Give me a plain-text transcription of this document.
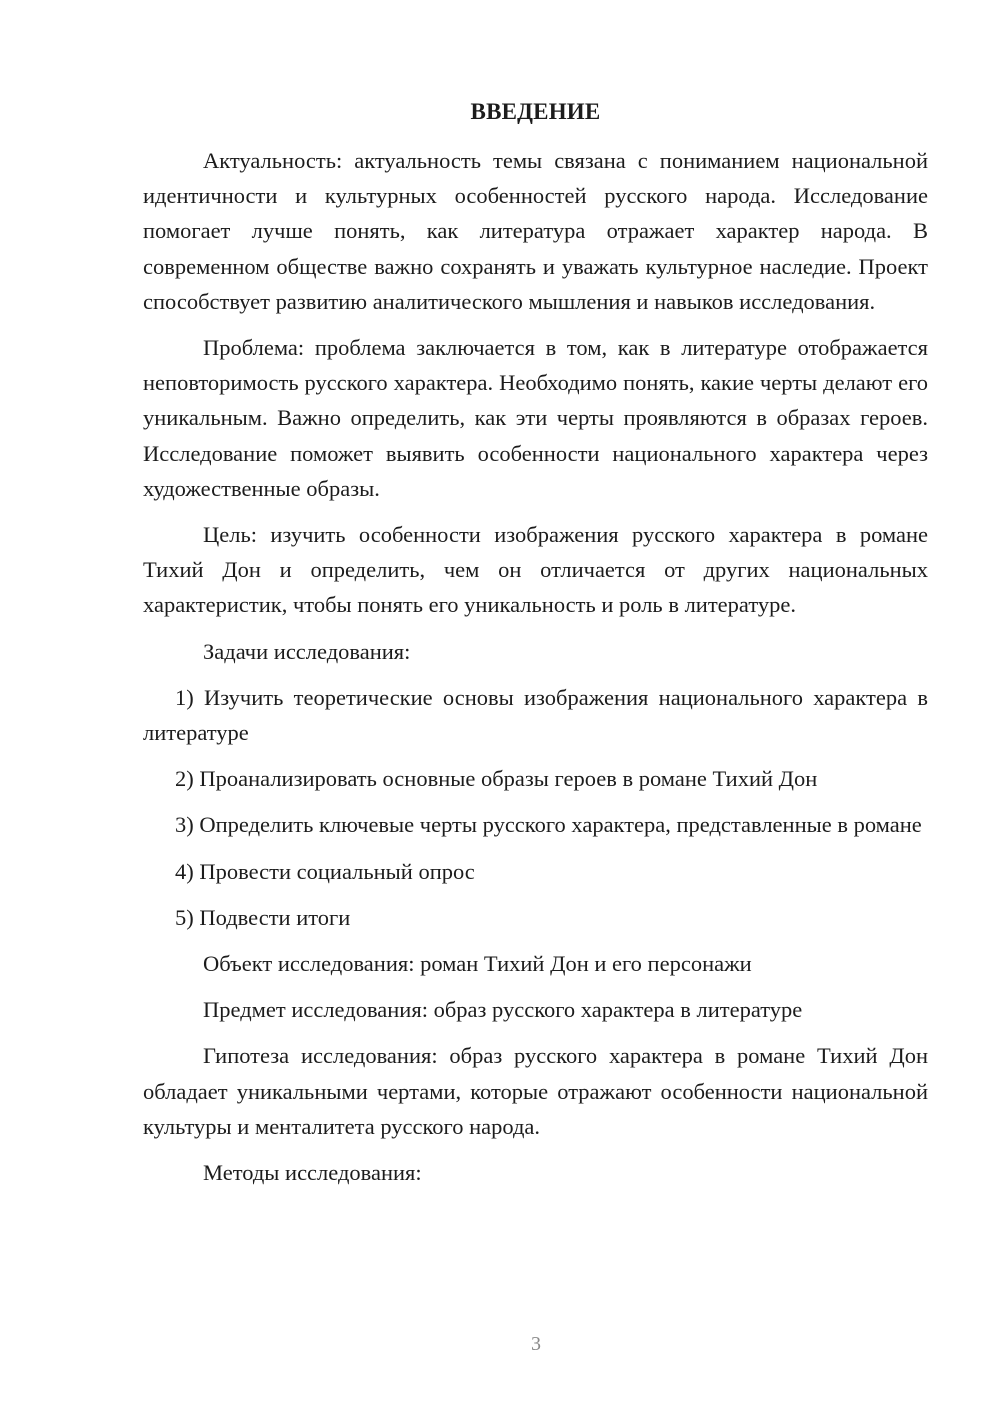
ВВЕДЕНИЕ

Актуальность: актуальность темы связана с пониманием национальной идентичности и культурных особенностей русского народа. Исследование помогает лучше понять, как литература отражает характер народа. В современном обществе важно сохранять и уважать культурное наследие. Проект способствует развитию аналитического мышления и навыков исследования.

Проблема: проблема заключается в том, как в литературе отображается неповторимость русского характера. Необходимо понять, какие черты делают его уникальным. Важно определить, как эти черты проявляются в образах героев. Исследование поможет выявить особенности национального характера через художественные образы.

Цель: изучить особенности изображения русского характера в романе Тихий Дон и определить, чем он отличается от других национальных характеристик, чтобы понять его уникальность и роль в литературе.

Задачи исследования:

1) Изучить теоретические основы изображения национального характера в литературе

2) Проанализировать основные образы героев в романе Тихий Дон

3) Определить ключевые черты русского характера, представленные в романе

4) Провести социальный опрос

5) Подвести итоги

Объект исследования: роман Тихий Дон и его персонажи

Предмет исследования: образ русского характера в литературе

Гипотеза исследования: образ русского характера в романе Тихий Дон обладает уникальными чертами, которые отражают особенности национальной культуры и менталитета русского народа.

Методы исследования:

3
